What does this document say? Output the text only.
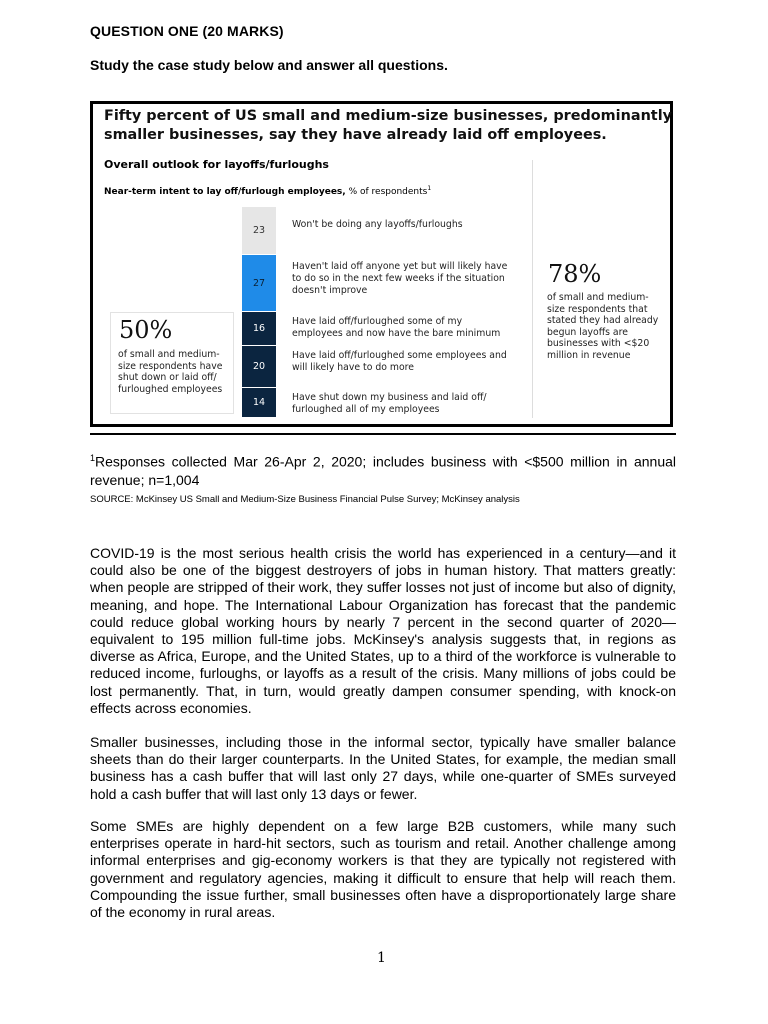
QUESTION ONE (20 MARKS)
Study the case study below and answer all questions.
Fifty percent of US small and medium-size businesses, predominantly smaller businesses, say they have already laid off employees.
Overall outlook for layoffs/furloughs
Near-term intent to lay off/furlough employees, % of respondents$^1$
23
Won't be doing any layoffs/furloughs
27
Haven't laid off anyone yet but will likely have to do so in the next few weeks if the situation doesn't improve
16
Have laid off/furloughed some of my employees and now have the bare minimum
20
Have laid off/furloughed some employees and will likely have to do more
14	Have shut down my business and laid off/ furloughed all of my employees
50%
of small and medium-size respondents have shut down or laid off/ furloughed employees
78%
of small and medium-size respondents that stated they had already begun layoffs are businesses with <$20 million in revenue
$^1$Responses collected Mar 26-Apr 2, 2020; includes business with <$500 million in annual revenue; n=1,004
SOURCE: McKinsey US Small and Medium-Size Business Financial Pulse Survey; McKinsey analysis
COVID-19 is the most serious health crisis the world has experienced in a century—and it could also be one of the biggest destroyers of jobs in human history. That matters greatly: when people are stripped of their work, they suffer losses not just of income but also of dignity, meaning, and hope. The International Labour Organization has forecast that the pandemic could reduce global working hours by nearly 7 percent in the second quarter of 2020—equivalent to 195 million full-time jobs. McKinsey's analysis suggests that, in regions as diverse as Africa, Europe, and the United States, up to a third of the workforce is vulnerable to reduced income, furloughs, or layoffs as a result of the crisis. Many millions of jobs could be lost permanently. That, in turn, would greatly dampen consumer spending, with knock-on effects across economies.
Smaller businesses, including those in the informal sector, typically have smaller balance sheets than do their larger counterparts. In the United States, for example, the median small business has a cash buffer that will last only 27 days, while one-quarter of SMEs surveyed hold a cash buffer that will last only 13 days or fewer.
Some SMEs are highly dependent on a few large B2B customers, while many such enterprises operate in hard-hit sectors, such as tourism and retail. Another challenge among informal enterprises and gig-economy workers is that they are typically not registered with government and regulatory agencies, making it difficult to ensure that help will reach them. Compounding the issue further, small businesses often have a disproportionately large share of the economy in rural areas.
1
